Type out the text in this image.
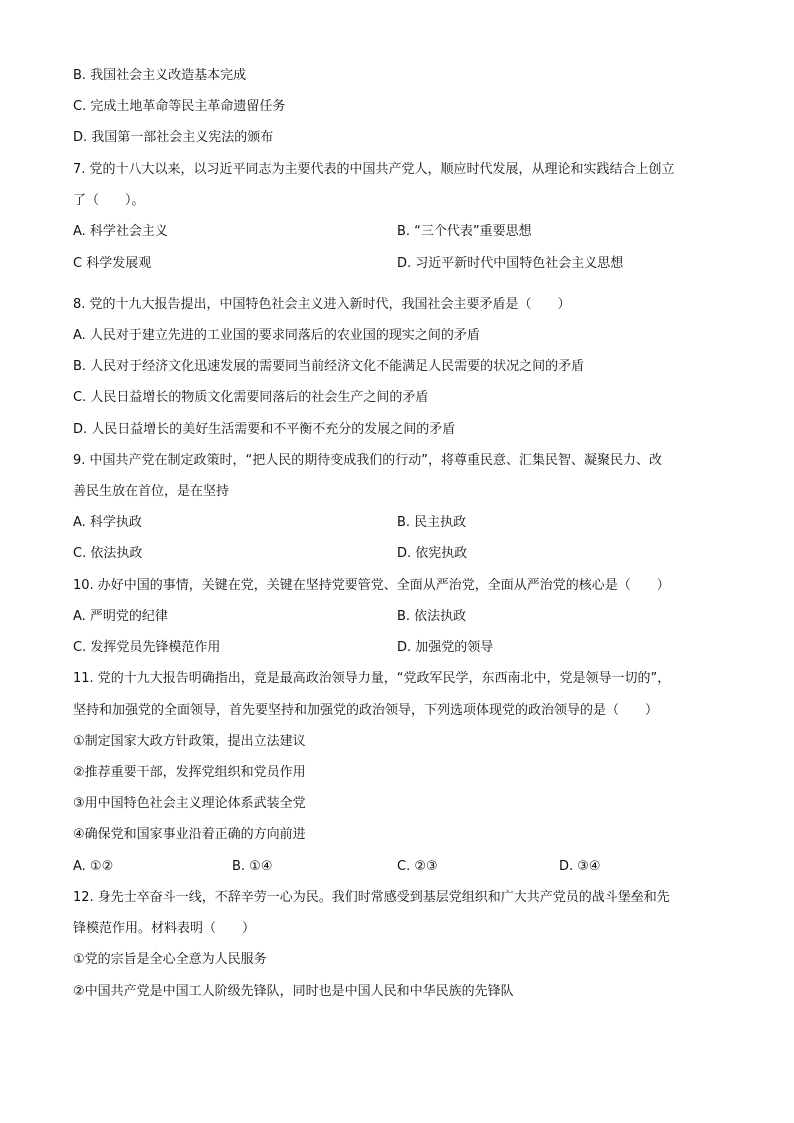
B. 我国社会主义改造基本完成
C. 完成土地革命等民主革命遗留任务
D. 我国第一部社会主义宪法的颁布
7. 党的十八大以来，以习近平同志为主要代表的中国共产党人，顺应时代发展，从理论和实践结合上创立
了（　　）。
A. 科学社会主义	B. “三个代表”重要思想
C 科学发展观	D. 习近平新时代中国特色社会主义思想
8. 党的十九大报告提出，中国特色社会主义进入新时代，我国社会主要矛盾是（　　）
A. 人民对于建立先进的工业国的要求同落后的农业国的现实之间的矛盾
B. 人民对于经济文化迅速发展的需要同当前经济文化不能满足人民需要的状况之间的矛盾
C. 人民日益增长的物质文化需要同落后的社会生产之间的矛盾
D. 人民日益增长的美好生活需要和不平衡不充分的发展之间的矛盾
9. 中国共产党在制定政策时，“把人民的期待变成我们的行动”，将尊重民意、汇集民智、凝聚民力、改
善民生放在首位，是在坚持
A. 科学执政	B. 民主执政
C. 依法执政	D. 依宪执政
10. 办好中国的事情，关键在党，关键在坚持党要管党、全面从严治党，全面从严治党的核心是（　　）
A. 严明党的纪律	B. 依法执政
C. 发挥党员先锋模范作用	D. 加强党的领导
11. 党的十九大报告明确指出，竟是最高政治领导力量，“党政军民学，东西南北中，党是领导一切的”，
坚持和加强党的全面领导，首先要坚持和加强党的政治领导，下列选项体现党的政治领导的是（　　）
①制定国家大政方针政策，提出立法建议
②推荐重要干部，发挥党组织和党员作用
③用中国特色社会主义理论体系武装全党
④确保党和国家事业沿着正确的方向前进
A. ①②	B. ①④	C. ②③	D. ③④
12. 身先士卒奋斗一线，不辞辛劳一心为民。我们时常感受到基层党组织和广大共产党员的战斗堡垒和先
锋模范作用。材料表明（　　）
①党的宗旨是全心全意为人民服务
②中国共产党是中国工人阶级先锋队，同时也是中国人民和中华民族的先锋队
